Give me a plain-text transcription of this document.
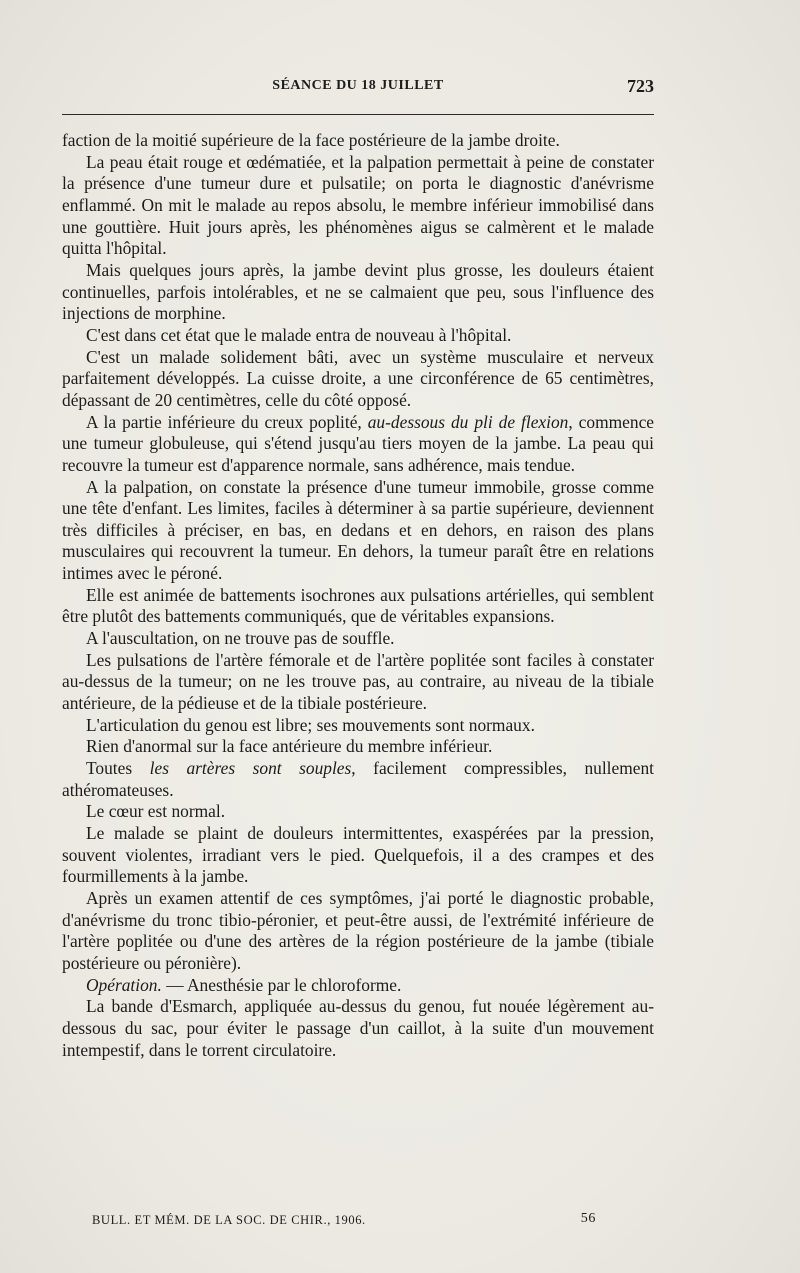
SÉANCE DU 18 JUILLET	723

faction de la moitié supérieure de la face postérieure de la jambe droite.

La peau était rouge et œdématiée, et la palpation permettait à peine de constater la présence d'une tumeur dure et pulsatile; on porta le diagnostic d'anévrisme enflammé. On mit le malade au repos absolu, le membre inférieur immobilisé dans une gouttière. Huit jours après, les phénomènes aigus se calmèrent et le malade quitta l'hôpital.

Mais quelques jours après, la jambe devint plus grosse, les douleurs étaient continuelles, parfois intolérables, et ne se calmaient que peu, sous l'influence des injections de morphine.

C'est dans cet état que le malade entra de nouveau à l'hôpital.

C'est un malade solidement bâti, avec un système musculaire et nerveux parfaitement développés. La cuisse droite, a une circonférence de 65 centimètres, dépassant de 20 centimètres, celle du côté opposé.

A la partie inférieure du creux poplité, au-dessous du pli de flexion, commence une tumeur globuleuse, qui s'étend jusqu'au tiers moyen de la jambe. La peau qui recouvre la tumeur est d'apparence normale, sans adhérence, mais tendue.

A la palpation, on constate la présence d'une tumeur immobile, grosse comme une tête d'enfant. Les limites, faciles à déterminer à sa partie supérieure, deviennent très difficiles à préciser, en bas, en dedans et en dehors, en raison des plans musculaires qui recouvrent la tumeur. En dehors, la tumeur paraît être en relations intimes avec le péroné.

Elle est animée de battements isochrones aux pulsations artérielles, qui semblent être plutôt des battements communiqués, que de véritables expansions.

A l'auscultation, on ne trouve pas de souffle.

Les pulsations de l'artère fémorale et de l'artère poplitée sont faciles à constater au-dessus de la tumeur; on ne les trouve pas, au contraire, au niveau de la tibiale antérieure, de la pédieuse et de la tibiale postérieure.

L'articulation du genou est libre; ses mouvements sont normaux.

Rien d'anormal sur la face antérieure du membre inférieur.

Toutes les artères sont souples, facilement compressibles, nullement athéromateuses.

Le cœur est normal.

Le malade se plaint de douleurs intermittentes, exaspérées par la pression, souvent violentes, irradiant vers le pied. Quelquefois, il a des crampes et des fourmillements à la jambe.

Après un examen attentif de ces symptômes, j'ai porté le diagnostic probable, d'anévrisme du tronc tibio-péronier, et peut-être aussi, de l'extrémité inférieure de l'artère poplitée ou d'une des artères de la région postérieure de la jambe (tibiale postérieure ou péronière).

Opération. — Anesthésie par le chloroforme.

La bande d'Esmarch, appliquée au-dessus du genou, fut nouée légèrement au-dessous du sac, pour éviter le passage d'un caillot, à la suite d'un mouvement intempestif, dans le torrent circulatoire.

BULL. ET MÉM. DE LA SOC. DE CHIR., 1906.	56
